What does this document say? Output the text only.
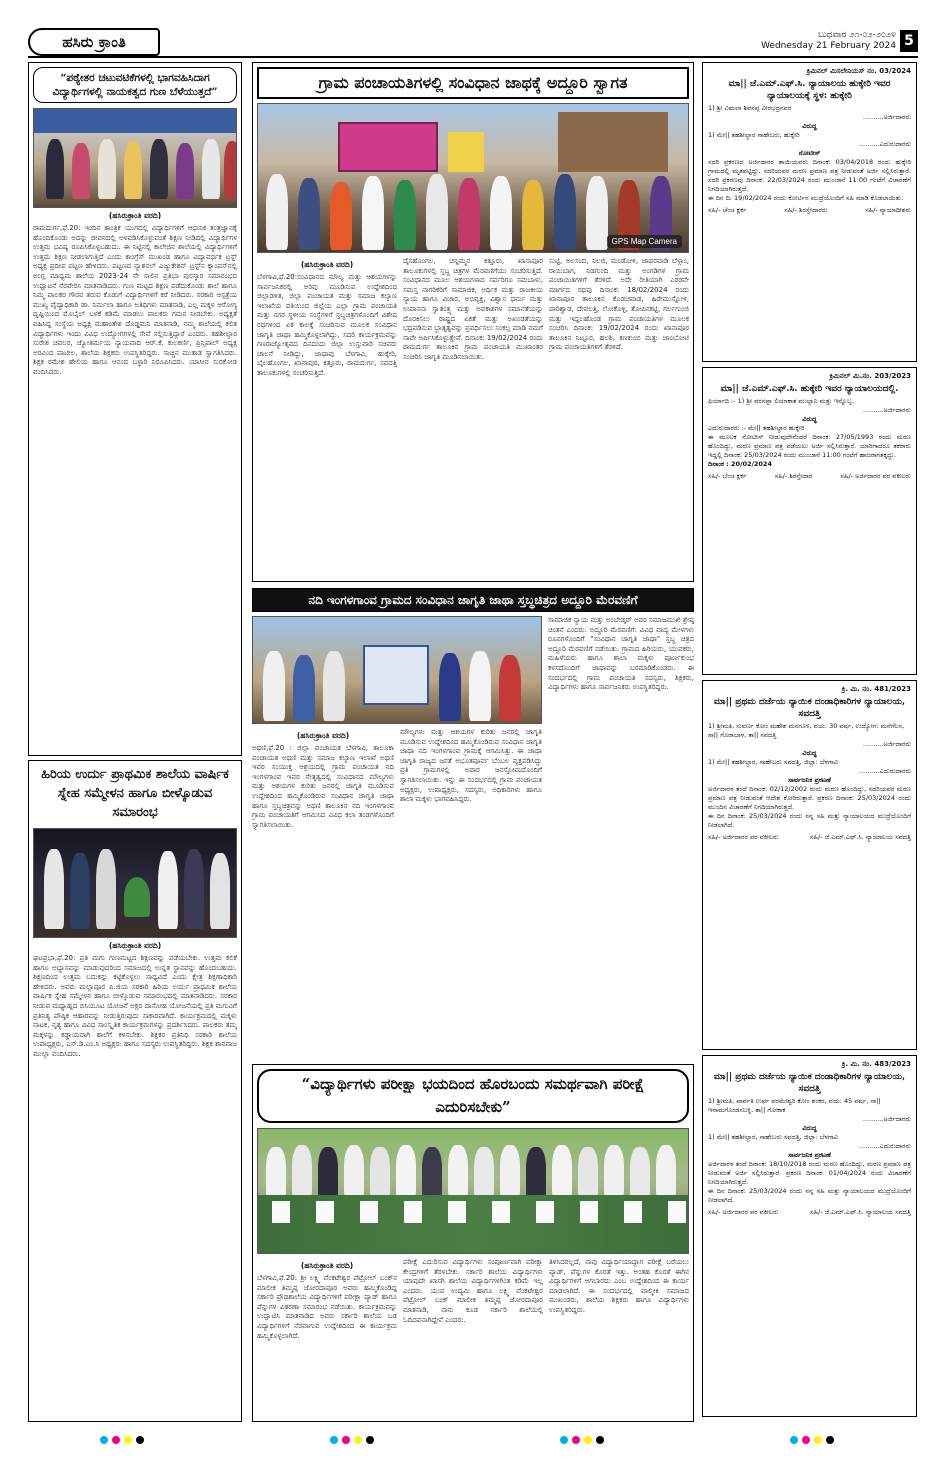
ಹಸಿರು ಕ್ರಾಂತಿ	ಬುಧವಾರ ೨೧-೦೨-೨೦೨೪
Wednesday 21 February 2024 5
“ಪಠ್ಯೇತರ ಚಟುವಟಿಕೆಗಳಲ್ಲಿ ಭಾಗವಹಿಸಿದಾಗ ವಿದ್ಯಾರ್ಥಿಗಳಲ್ಲಿ ನಾಯಕತ್ವದ ಗುಣ ಬೆಳೆಯುತ್ತದೆ”
(ಹಸಿರುಕ್ರಾಂತಿ ವರದಿ)
ರಾಮದುರ್ಗ,ಫೆ.20: ಇಂದಿನ ತಾಂತ್ರಿಕ ಯುಗದಲ್ಲಿ ವಿದ್ಯಾರ್ಥಿಗಳಿಗೆ ಆಧುನಿಕ ತಂತ್ರಜ್ಞಾನಕ್ಕೆ ಹೊಂದಿಕೊಂಡು ಅದನ್ನು ಜೀವನದಲ್ಲಿ ಅಳವಡಿಸಿಕೊಳ್ಳುವಂತೆ ಶಿಕ್ಷಣ ನೀಡಿದಲ್ಲಿ ವಿದ್ಯಾರ್ಥಿಗಳ ಉತ್ತಮ ಭವಿಷ್ಯ ರೂಪಿಸಿಕೊಳ್ಳಬಹುದು. ಈ ನಿಟ್ಟಿನಲ್ಲಿ ಕಾಲೇಜಿನ ಶಾಲೆಯಲ್ಲಿ ವಿದ್ಯಾರ್ಥಿಗಳಿಗೆ ಉತ್ತಮ ಶಿಕ್ಷಣ ನೀಡಲಾಗುತ್ತಿದೆ ಎಂದು ಕಾಂಗ್ರೆಸ್ ಮುಖಂಡ ಹಾಗೂ ವಿದ್ಯಾವರ್ಧಕ ಟ್ರಸ್ಟ್ ಅಧ್ಯಕ್ಷ ಪ್ರದೀಪ ಪಟ್ಟಣ ಹೇಳಿದರು. ಪಟ್ಟಣದ ನ್ಯಾಶನಲ್ ಎಜ್ಯುಕೇಶನ್ ಟ್ರಸ್ಟ್‌ನ ಕ್ಯಾಂಪಸ್‌ನಲ್ಲಿ ಅಂಗ್ಲ ಮಾಧ್ಯಮ ಶಾಲೆಯ 2023-24 ನೇ ಸಾಲಿನ ಪ್ರತಿಭಾ ಪುರಸ್ಕಾರ ಸಮಾರಂಭದ ಉದ್ಘಾಟನೆ ನೆರವೇರಿಸಿ ಮಾತನಾಡಿದರು. ಗುಣ ಮಟ್ಟದ ಶಿಕ್ಷಣ ಪಡೆದುಕೊಂಡು ಶಾಲೆ ಹಾಗೂ ನಿಮ್ಮ ಪಾಲಕರ ಗೌರವ ತರುವ ಕೊಡುಗೆ ವಿದ್ಯಾರ್ಥಿಗಳಿಗೆ ಕರೆ ನೀಡಿದರು. ಸರಕಾರಿ ಆಸ್ಪತ್ರೆಯ ಮುಖ್ಯ ವೈದ್ಯಾಧಿಕಾರಿ ಡಾ. ನಿರ್ಮಲಾ ಹಾಗೂ ಅತಿಥಿಗಳು ಮಾತನಾಡಿ, ಎಲ್ಲ ಮಕ್ಕಳ ಆರೋಗ್ಯ ದೃಷ್ಟಿಯಿಂದ ಮೊಬೈಲ್ ಬಳಕೆ ಕಡಿಮೆ ಮಾಡಲು ಪಾಲಕರು ಗಮನ ನೀಡಬೇಕು. ಅಧ್ಯಕ್ಷತೆ ವಹಿಸಿದ್ದ ಸಂಸ್ಥೆಯ ಅಧ್ಯಕ್ಷ ಮಹಾಂತೇಶ ದೊಡ್ಡಮನಿ ಮಾತನಾಡಿ, ನಮ್ಮ ಶಾಲೆಯಲ್ಲಿ ಕಲಿತ ವಿದ್ಯಾರ್ಥಿಗಳು ಇಂದು ವಿವಿಧ ಉದ್ಯೋಗಗಳಲ್ಲಿ ಸೇವೆ ಸಲ್ಲಿಸುತ್ತಿದ್ದಾರೆ ಎಂದರು. ತಹಶೀಲ್ದಾರ ಸುರೇಶ ಚವಲರ, ಜ್ಯೋತಿರ್ಮಯ ನ್ಯಾಯವಾದಿ ಆರ್.ಕೆ. ಕುಲಕರ್ಣಿ, ಪ್ರಿನ್ಸಿಪಾಲ್ ಅಧ್ಯಕ್ಷ ಅರವಿಂದ ಪಾಟೀಲ, ಶಾಲೆಯ ಶಿಕ್ಷಕರು ಉಪಸ್ಥಿತರಿದ್ದರು. ಸಾಚ್ಚಿನ ಮುತಾಡ ಸ್ವಾಗತಿಸಿದರು. ಶಿಕ್ಷಕ ರಮೇಶ ಹೇಲಿಯ ಹಾಗೂ ಆನಂದ ಬಳ್ಳಾರಿ ನಿರೂಪಿಸಿದರು. ಯಾಸೀನ ಸುರಕೋಡ ವಂದಿಸಿದರು.
ಹಿರಿಯ ಉರ್ದು ಪ್ರಾಥಮಿಕ ಶಾಲೆಯ ವಾರ್ಷಿಕ ಸ್ನೇಹ ಸಮ್ಮೇಳನ ಹಾಗೂ ಬೀಳ್ಕೊಡುವ ಸಮಾರಂಭ
(ಹಸಿರುಕ್ರಾಂತಿ ವರದಿ)
ಘಟಪ್ರಭಾ,ಫೆ.20: ಪ್ರತಿ ಮಗು ಗುಣಮಟ್ಟದ ಶಿಕ್ಷಣವನ್ನು ಪಡೆಯಬೇಕು. ಉತ್ತಮ ಕಲಿಕೆ ಹಾಗೂ ಅಭ್ಯಾಸವನ್ನು ಮಾಡುವುದರಿಂದ ಸಮಾಜದಲ್ಲಿ ಉನ್ನತ ಸ್ಥಾನವನ್ನು ಹೊಂದಬಹುದು. ಶಿಕ್ಷಣದಿಂದ ಉತ್ತಮ ಬದುಕನ್ನು ಕಟ್ಟಿಕೊಳ್ಳಲು ಸಾಧ್ಯವಿದೆ ಎಂದು ಕ್ಷೇತ್ರ ಶಿಕ್ಷಣಾಧಿಕಾರಿ ಹೇಳಿದರು. ಅವರು ಮಲ್ಲಾಪೂರ ಪಿ.ಜಿಯ ಸರಕಾರಿ ಹಿರಿಯ ಉರ್ದು ಪ್ರಾಥಮಿಕ ಶಾಲೆಯ ವಾರ್ಷಿಕ ಸ್ನೇಹ ಸಮ್ಮೇಳನ ಹಾಗೂ ಬೀಳ್ಕೊಡುವ ಸಮಾರಂಭದಲ್ಲಿ ಮಾತನಾಡಿದರು. ಸರಕಾರ ನೀಡುವ ಮಧ್ಯಾಹ್ನದ ಬಿಸಿಯೂಟ ಯೋಜನೆ ಅಕ್ಷರ ದಾಸೋಹ ಯೋಜನೆಯಲ್ಲಿ ಪ್ರತಿ ಮಗುವಿಗೆ ಪ್ರತಿನಿತ್ಯ ಪೌಷ್ಠಿಕ ಆಹಾರವನ್ನು ನೀಡುತ್ತಿರುವುದು ಸಾಕಾರವಾಗಿದೆ. ಕಾರ್ಯಕ್ರಮದಲ್ಲಿ ಮಕ್ಕಳು ನಾಟಕ, ನೃತ್ಯ ಹಾಗೂ ವಿವಿಧ ಸಾಂಸ್ಕೃತಿಕ ಕಾರ್ಯಕ್ರಮಗಳನ್ನು ಪ್ರದರ್ಶಿಸಿದರು. ಪಾಲಕರು ತಮ್ಮ ಮಕ್ಕಳನ್ನು ಕಡ್ಡಾಯವಾಗಿ ಶಾಲೆಗೆ ಕಳಿಸಬೇಕು. ಶಿಕ್ಷಕರ ಪ್ರತಿನಿಧಿ ಸರಕಾರಿ ಶಾಲೆಯ ಉಪಾಧ್ಯಕ್ಷರು, ಎಸ್.ಡಿ.ಎಂ.ಸಿ ಅಧ್ಯಕ್ಷರು ಹಾಗೂ ಸದಸ್ಯರು ಉಪಸ್ಥಿತರಿದ್ದರು. ಶಿಕ್ಷಕ ಶಾನವಾಜ ಮುಲ್ಲಾ ವಂದಿಸಿದರು.
ಗ್ರಾಮ ಪಂಚಾಯತಿಗಳಲ್ಲಿ ಸಂವಿಧಾನ ಜಾಥಕ್ಕೆ ಅದ್ದೂರಿ ಸ್ವಾಗತ
GPS Map Camera
(ಹಸಿರುಕ್ರಾಂತಿ ವರದಿ)
ಬೆಳಗಾವಿ,ಫೆ.20:ಸಂವಿಧಾನದ ಮೌಲ್ಯ ಮತ್ತು ಆಶಯಗಳನ್ನು ಸಾರ್ವಜನಿಕರಲ್ಲಿ ಅರಿವು ಮೂಡಿಸುವ ಉದ್ದೇಶದಿಂದ ಜಿಲ್ಲಾಡಳಿತ, ಜಿಲ್ಲಾ ಪಂಚಾಯತ ಮತ್ತು ಸಮಾಜ ಕಲ್ಯಾಣ ಇಲಾಖೆಯ ವತಿಯಿಂದ ಜಿಲ್ಲೆಯ ಎಲ್ಲಾ ಗ್ರಾಮ ಪಂಚಾಯತಿ ಮತ್ತು ನಗರ ಸ್ಥಳೀಯ ಸಂಸ್ಥೆಗಳಿಗೆ ಸ್ತಬ್ಧಚಿತ್ರಗಳೊಂದಿಗೆ ವಿಶೇಷ ರಥಗಳಿಂದ ಏಕ ಕಾಲಕ್ಕೆ ಸಂಚರಿಸುವ ಮೂಲಕ ಸಂವಿಧಾನ ಜಾಗೃತಿ ಜಾಥಾ ಹಮ್ಮಿಕೊಳ್ಳಲಾಗಿದ್ದು, ಸದರಿ ಕಾರ್ಯಕ್ರಮವನ್ನು ಗಣರಾಜ್ಯೋತ್ಸವದ ದಿನದಂದು ಜಿಲ್ಲಾ ಉಸ್ತುವಾರಿ ಸಚಿವರು ಚಾಲನೆ ನೀಡಿದ್ದು, ಜಾಥಾವು ಬೆಳಗಾವಿ, ಹುಕ್ಕೇರಿ, ಬೈಲಹೊಂಗಲ, ಖಾನಾಪುರ, ಕಿತ್ತೂರು, ರಾಮದುರ್ಗ, ಸವದತ್ತಿ ತಾಲೂಕುಗಳಲ್ಲಿ ಸಂಚರಿಸುತ್ತಿದೆ.
ದೈಸಹೊಂಗಲ, ಚನ್ನಮ್ಮನ ಕಿತ್ತೂರು, ಖಾನಾಪೂರ ತಾಲೂಕುಗಳಲ್ಲಿ ಸ್ತಬ್ಧ ಚಿತ್ರಗಳ ಮೆರವಣಿಗೆಯು ಸಂಚರಿಸುತ್ತಿದೆ. ಸಂವಿಧಾನದ ಮೂಲ ಆಶಯಗಳಾದ ಸರ್ವರಿಗೂ ಸಮಬಾಳು, ಸಮಸ್ತ ನಾಗರಿಕರಿಗೆ ಸಾಮಾಜಿಕ, ಆರ್ಥಿಕ ಮತ್ತು ರಾಜಕೀಯ ನ್ಯಾಯ ಹಾಗೂ ವಿಚಾರ, ಅಭಿವ್ಯಕ್ತಿ, ವಿಶ್ವಾಸ ಧರ್ಮ ಮತ್ತು ಉಪಾಸನಾ ಸ್ವಾತಂತ್ರ್ಯ ಮತ್ತು ಅವಕಾಶಗಳ ಸಮಾನತೆಯನ್ನು ದೊರಕಿಸಲು ರಾಷ್ಟ್ರದ ಏಕತೆ ಮತ್ತು ಅಖಂಡತೆಯನ್ನು ಭದ್ರಪಡಿಸುವ ಭ್ರಾತೃತ್ವವನ್ನು ಪ್ರವರ್ಧಿಸಲು ಸಂಕಲ್ಪ ಮಾಡಿ ನಮಗೆ ನಾವೇ ಅರ್ಪಿಸಿಕೊಳ್ಳುತ್ತೇವೆ. ದಿನಾಂಕ: 19/02/2024 ರಂದು ರಾಮದುರ್ಗ ತಾಲೂಕಿನ ಗ್ರಾಮ ಪಂಚಾಯತಿ ಮುಖಾಂತರ ಸಂಚರಿಸಿ ಜಾಗೃತಿ ಮೂಡಿಸಲಾಯಿತು.
ಸುಟ್ಟಿ, ಅಲಸಂದಿ, ನಿಲಜಿ, ಮಂಡೋಳಿ, ಜಾಫರವಾಡಿ ಬೆಳ್ಗಾಂ, ರಾಯಿಬಾಗ, ನಿಡಗುಂದಿ ಮತ್ತು ಅಂಗಡಿಗಳ ಗ್ರಾಮ ಪಂಚಾಯಿತಿಗಳಿಗೆ ತೆರಳಿದೆ. ಅದೇ ರೀತಿಯಾಗಿ ಎರಡನೇ ಮಾರ್ಗದ ರಥವು ದಿನಾಂಕ: 18/02/2024 ರಂದು ಖಾನಾಪೂರ ತಾಲೂಕಿನ ಕೊಡಚವಾಡ, ಹಿರೇಮುನ್ನೋಳಿ, ಪಾರಿಶ್ವಾಡ, ದೇವಲತ್ತಿ, ಲೋಕೊಳ್ಳಿ, ತೋಪಿನಕಟ್ಟಿ, ಗರ್ಲಗುಂಜಿ ಮತ್ತು ಇದ್ದಲಹೊಂಡ ಗ್ರಾಮ ಪಂಚಾಯತಿಗಳ ಮೂಲಕ ಸಂಚರಿಸಿ ದಿನಾಂಕ: 19/02/2024 ರಂದು ಖಾನಾಪೂರ ತಾಲೂಕಿನ ನಿಟ್ಟೂರ, ಹಲಶಿ, ಕಣಕುಂಬಿ ಮತ್ತು ಜಾಂಬೋಟಿ ಗ್ರಾಮ ಪಂಚಾಯತಿಗಳಿಗೆ ತೆರಳಿದೆ.
ನದಿ ಇಂಗಳಗಾಂವ ಗ್ರಾಮದ ಸಂವಿಧಾನ ಜಾಗೃತಿ ಜಾಥಾ ಸ್ತಬ್ಧಚಿತ್ರದ ಅದ್ದೂರಿ ಮೆರವಣಿಗೆ
(ಹಸಿರುಕ್ರಾಂತಿ ವರದಿ)
ಅಥಣಿ,ಫೆ.20 : ಜಿಲ್ಲಾ ಪಂಚಾಯತ ಬೆಳಗಾವಿ, ತಾಲೂಕಾ ಪಂಚಾಯತ ಅಥಣಿ ಮತ್ತು ಸಮಾಜ ಕಲ್ಯಾಣ ಇಲಾಖೆ ಅಥಣಿ ಇವರ ಸಂಯುಕ್ತ ಆಶ್ರಯದಲ್ಲಿ ಗ್ರಾಮ ಪಂಚಾಯತ ನದಿ ಇಂಗಳಗಾಂವ ಇವರ ನೇತೃತ್ವದಲ್ಲಿ ಸಂವಿಧಾನದ ಮೌಲ್ಯಗಳು ಮತ್ತು ಆಶಯಗಳ ಕುರಿತು ಜನರಲ್ಲಿ ಜಾಗೃತಿ ಮೂಡಿಸುವ ಉದ್ದೇಶದಿಂದ ಹಮ್ಮಿಕೊಂಡಿರುವ ಸಂವಿಧಾನ ಜಾಗೃತಿ ಜಾಥಾ ಹಾಗೂ ಸ್ತಬ್ಧಚಿತ್ರವನ್ನು ಅಥಣಿ ತಾಲೂಕಿನ ನದಿ ಇಂಗಳಗಾಂವ ಗ್ರಾಮ ಪಂಚಾಯತಿಗೆ ಆಗಮಿಸಿದ ವಿವಿಧ ಕಲಾ ತಂಡಗಳೊಂದಿಗೆ ಸ್ವಾಗತಿಸಲಾಯಿತು.
ಮೌಲ್ಯಗಳು ಮತ್ತು ಆಶಯಗಳ ಕುರಿತು ಜನರಲ್ಲಿ ಜಾಗೃತಿ ಮೂಡಿಸುವ ಉದ್ದೇಶದಿಂದ ಹಮ್ಮಿಕೊಂಡಿರುವ ಸಂವಿಧಾನ ಜಾಗೃತಿ ಜಾಥಾ ನದಿ ಇಂಗಳಗಾಂವ ಗ್ರಾಮಕ್ಕೆ ಆಗಮಿಸಿತ್ತು. ಈ ಜಾಥಾ ಜಾಗೃತಿ ರಾಜ್ಯದ ಜನತೆ ಅಭೂತಪೂರ್ವ ಬೆಂಬಲ ವ್ಯಕ್ತಪಡಿಸಿದ್ದು ಪ್ರತಿ ಗ್ರಾಮಗಳಲ್ಲಿ ಅಪಾರ ಜನಸ್ತೋಮದೊಂದಿಗೆ ಸ್ವಾಗತಿಸಲಾಯಿತು. ಇನ್ನು ಈ ಸಂದರ್ಭದಲ್ಲಿ ಗ್ರಾಮ ಪಂಚಾಯತ ಅಧ್ಯಕ್ಷರು, ಉಪಾಧ್ಯಕ್ಷರು, ಸದಸ್ಯರು, ಅಧಿಕಾರಿಗಳು ಹಾಗೂ ಶಾಲಾ ಮಕ್ಕಳು ಭಾಗವಹಿಸಿದ್ದರು.
ಸಾಮಾಜಿಕ ನ್ಯಾಯ ಮತ್ತು ಅಂಬೇಡ್ಕರ್ ಅವರ ಸಮಾಜಮುಖಿ ಶ್ರೇಷ್ಠ ಚಿಂತನೆ ಎಂದರು. ಅದ್ದೂರಿ ಮೆರವಣಿಗೆ: ವಿವಿಧ ವಾದ್ಯ ಮೇಳಗಳು ರೂಪಗಳೊಂದಿಗೆ "ಸಂವಿಧಾನ ಜಾಗೃತಿ ಜಾಥಾ" ಸ್ತಬ್ಧ ಚಿತ್ರದ ಅದ್ದೂರಿ ಮೆರವಣಿಗೆ ನಡೆಯಿತು. ಗ್ರಾಮದ ಹಿರಿಯರು, ಯುವಕರು, ಮಹಿಳೆಯರು ಹಾಗೂ ಶಾಲಾ ಮಕ್ಕಳು ಪೂರ್ಣಕುಂಭ ಕಳಸದೊಂದಿಗೆ ಜಾಥಾವನ್ನು ಬರಮಾಡಿಕೊಂಡರು. ಈ ಸಂದರ್ಭದಲ್ಲಿ ಗ್ರಾಮ ಪಂಚಾಯತಿ ಸದಸ್ಯರು, ಶಿಕ್ಷಕರು, ವಿದ್ಯಾರ್ಥಿಗಳು ಹಾಗೂ ಸಾರ್ವಜನಿಕರು ಉಪಸ್ಥಿತರಿದ್ದರು.
“ವಿದ್ಯಾರ್ಥಿಗಳು ಪರೀಕ್ಷಾ ಭಯದಿಂದ ಹೊರಬಂದು ಸಮರ್ಥವಾಗಿ ಪರೀಕ್ಷೆ ಎದುರಿಸಬೇಕು”
(ಹಸಿರುಕ್ರಾಂತಿ ವರದಿ)
ಬೆಳಗಾವಿ,ಫೆ.20: ಶ್ರೀ ಲಕ್ಷ್ಮಿ ವೆಂಕಟೇಶ್ವರ ಪೆಟ್ರೋಲ್ ಬಂಕ್‌ನ ಮಾಲೀಕ ತಿಮ್ಮಪ್ಪ ಜೋರದಾಪೂರ ಅವರು ಹಮ್ಮಿಕೊಂಡಿದ್ದ ಸರ್ಕಾರಿ ಪ್ರೌಢಶಾಲೆಯ ವಿದ್ಯಾರ್ಥಿಗಳಿಗೆ ಪರೀಕ್ಷಾ ಪ್ಯಾಡ್ ಹಾಗೂ ಪೆನ್ನುಗಳ ವಿತರಣಾ ಸಮಾರಂಭ ನಡೆಯಿತು. ಕಾರ್ಯಕ್ರಮವನ್ನು ಉದ್ಘಾಟಿಸಿ ಮಾತನಾಡಿದ ಅವರು ಸರ್ಕಾರಿ ಶಾಲೆಯ ಬಡ ವಿದ್ಯಾರ್ಥಿಗಳಿಗೆ ನೆರವಾಗುವ ಉದ್ದೇಶದಿಂದ ಈ ಕಾರ್ಯಕ್ರಮ ಹಮ್ಮಿಕೊಳ್ಳಲಾಗಿದೆ.
ಪರೀಕ್ಷೆ ಎದುರಿಸುವ ವಿದ್ಯಾರ್ಥಿಗಳು ಸಂಪೂರ್ಣವಾಗಿ ಪರೀಕ್ಷಾ ಕೇಂದ್ರಗಳಿಗೆ ತೆರಳಬೇಕು. ಸರ್ಕಾರಿ ಶಾಲೆಯ ವಿದ್ಯಾರ್ಥಿಗಳು ಯಾವುದೇ ಖಾಸಗಿ ಶಾಲೆಯ ವಿದ್ಯಾರ್ಥಿಗಳಿಗಿಂತ ಕಡಿಮೆ ಇಲ್ಲ ಎಂದರು. ಯುವ ಉದ್ಯಮಿ ಹಾಗೂ ಲಕ್ಷ್ಮಿ ವೆಂಕಟೇಶ್ವರ ಪೆಟ್ರೋಲ್ ಬಂಕ್ ಮಾಲೀಕ ತಿಮ್ಮಪ್ಪ ಜೋರದಾಪೂರ ಮಾತನಾಡಿ, ನಾನು ಕೂಡ ಸರ್ಕಾರಿ ಶಾಲೆಯಲ್ಲಿ ಓದಿದವನಾಗಿದ್ದೇನೆ ಎಂದರು.
ತಿಳಿಸಿದರಲ್ಲದೆ, ನಾವು ವಿದ್ಯಾರ್ಥಿಯಾದ್ದಾಗ ಪರೀಕ್ಷೆ ಬರೆಯಲು ಪ್ಯಾಡ್, ಪೆನ್ನುಗಳ ಕೊರತೆ ಇತ್ತು. ಅಂತಹ ಕೊರತೆ ಈಗಿನ ವಿದ್ಯಾರ್ಥಿಗಳಿಗೆ ಆಗಬಾರದು ಎಂಬ ಉದ್ದೇಶದಿಂದ ಈ ಕಾರ್ಯ ಮಾಡಲಾಗಿದೆ. ಈ ಸಂದರ್ಭದಲ್ಲಿ ವಾಲ್ಮೀಕಿ ಸಮಾಜದ ಮುಖಂಡರು, ಶಾಲೆಯ ಶಿಕ್ಷಕರು ಹಾಗೂ ವಿದ್ಯಾರ್ಥಿಗಳು ಉಪಸ್ಥಿತರಿದ್ದರು.
ಕ್ರಿಮಿನಲ್ ಮಿಸಲೇನಿಯಸ್ ನಂ. 03/2024
ಮಾ|| ಜೆ.ಎಮ್.ಎಫ್.ಸಿ. ನ್ಯಾಯಾಲಯ ಹುಕ್ಕೇರಿ ಇವರ ನ್ಯಾಯಾಲಯಕ್ಕೆ ಸ್ಥಳ: ಹುಕ್ಕೇರಿ
1) ಶ್ರೀ ವಿಮಲಾ ಶಿವನಪ್ಪ ವೀರಭದ್ರನವರ
..........ಅರ್ಜಿದಾರರು
ವಿರುದ್ಧ
1) ಮೇ|| ತಹಶೀಲ್ದಾರ ಸಾಹೇಬರು, ಹುಕ್ಕೇರಿ
..........ಎದುರುದಾರರು
ನೋಟೀಸ್
ಸದರಿ ಪ್ರಕರಣದ ಅರ್ಜಿದಾರರ ತಾಯಿಯವರು ದಿನಾಂಕ: 03/04/2018 ರಂದು ಹುಕ್ಕೇರಿ ಗ್ರಾಮದಲ್ಲಿ ಮೃತಪಟ್ಟಿದ್ದು, ಸದರಿಯವರ ಮರಣ ಪ್ರಮಾಣ ಪತ್ರ ನೀಡುವಂತೆ ಅರ್ಜಿ ಸಲ್ಲಿಸಿರುತ್ತಾರೆ. ಸದರಿ ಪ್ರಕರಣವು ದಿನಾಂಕ: 22/03/2024 ರಂದು ಮುಂಜಾನೆ 11:00 ಗಂಟೆಗೆ ವಿಚಾರಣೆಗೆ ನಿಗದಿಯಾಗಿರುತ್ತದೆ.
ಈ ದಿನ ದಿ: 19/02/2024 ರಂದು ಕೋರ್ಟಿನ ಮುದ್ರೆಯೊಂದಿಗೆ ಸಹಿ ಮಾಡಿ ಕೊಡಲಾಯಿತು.
ಸಹಿ/- ಚೆಂಚ ಕ್ಲರ್ಕ	ಸಹಿ/- ಶಿರಸ್ತೇದಾರರು	ಸಹಿ/- ನ್ಯಾಯಾಧೀಶರು
ಕ್ರಿಮಿನಲ್ ಮಿ.ನಂ. 203/2023
ಮಾ|| ಜೆ.ಎಮ್.ಎಫ್.ಸಿ. ಹುಕ್ಕೇರಿ ಇವರ ನ್ಯಾಯಾಲಯದಲ್ಲಿ.
ಫಿರ್ಯಾದಿ :- 1) ಶ್ರೀ ಪರಸಪ್ಪಾ ಲಿಯಾಕಾತ ಮುಲ್ಲಾನಿ ಮತ್ತು ಇನ್ನೊಬ್ಬ.
..........ಅರ್ಜಿದಾರರು
ವಿರುದ್ಧ
ಎದುರುದಾರರು :- ಮೇ|| ತಹಶೀಲ್ದಾರ ಹುಕ್ಕೇರಿ
ಈ ಮೂಲಕ ನೋಟೀಸ್ ನೀಡುವುದೇನೆಂದರೆ ದಿನಾಂಕ: 27/05/1993 ರಂದು ಮರಣ ಹೊಂದಿದ್ದು, ಮರಣ ಪ್ರಮಾಣ ಪತ್ರ ಪಡೆಯಲು ಅರ್ಜಿ ಸಲ್ಲಿಸಿರುತ್ತಾರೆ. ಯಾರಿಗಾದರೂ ತಕರಾರು ಇದ್ದಲ್ಲಿ ದಿನಾಂಕ: 25/03/2024 ರಂದು ಮುಂಜಾನೆ 11:00 ಗಂಟೆಗೆ ಹಾಜರಾಗತಕ್ಕದ್ದು.
ದಿನಾಂಕ : 20/02/2024
ಸಹಿ/- ಬೆಂಚ ಕ್ಲರ್ಕ	ಸಹಿ/- ಶಿರಸ್ತೇದಾರ	ಸಹಿ/- ಅರ್ಜಿದಾರರ ಪರ ವಕೀಲರು
ಕ್ರಿ. ಮಿ. ನಂ. 481/2023
ಮಾ|| ಪ್ರಥಮ ದರ್ಜೆಯ ನ್ಯಾಯಿಕ ದಂಡಾಧಿಕಾರಿಗಳ ನ್ಯಾಯಾಲಯ, ಸವದತ್ತಿ
1) ಶ್ರೀಮತಿ, ಸುವರ್ಣ ಕೋಂ ಮಹೇಶ ಮನಗೂಳಿ, ವಯ: 30 ವರ್ಷ, ಉದ್ಯೋಗ: ಮನೆಗೆಲಸ, ಸಾ|| ಗೊರಾಬಾಳ, ತಾ|| ಸವದತ್ತಿ
..........ಅರ್ಜಿದಾರರು
ವಿರುದ್ಧ
1) ಮೇ|| ತಹಶೀಲ್ದಾರ, ಸಾಹೇಬರು ಸವದತ್ತಿ, ಜಿಲ್ಲಾ: ಬೆಳಗಾವಿ
..........ಎದುರುದಾರರು
ಸಾರ್ವಜನಿಕ ಪ್ರಕಟಣೆ
ಅರ್ಜಿದಾರಳ ತಂದೆ ದಿನಾಂಕ: 02/12/2002 ರಂದು ಮರಣ ಹೊಂದಿದ್ದು, ಸದರಿಯವರ ಮರಣ ಪ್ರಮಾಣ ಪತ್ರ ನೀಡುವಂತೆ ಆದೇಶ ಕೋರಿರುತ್ತಾರೆ. ಪ್ರಕರಣ ದಿನಾಂಕ: 25/03/2024 ರಂದು ಮುಂದಿನ ವಿಚಾರಣೆಗೆ ನಿಗದಿಯಾಗಿರುತ್ತದೆ.
ಈ ದಿನ ದಿನಾಂಕ: 25/03/2024 ರಂದು ನನ್ನ ಸಹಿ ಮತ್ತು ನ್ಯಾಯಾಲಯದ ಮುದ್ರೆಯೊಂದಿಗೆ ನೀಡಲಾಗಿದೆ.
ಸಹಿ/- ಅರ್ಜಿದಾರರ ಪರ ವಕೀಲರು	ಸಹಿ/- ಜೆ.ಎಮ್.ಎಫ್.ಸಿ. ನ್ಯಾಯಾಲಯ ಸವದತ್ತಿ
ಕ್ರಿ. ಮಿ. ನಂ. 483/2023
ಮಾ|| ಪ್ರಥಮ ದರ್ಜೆಯ ನ್ಯಾಯಿಕ ದಂಡಾಧಿಕಾರಿಗಳ ನ್ಯಾಯಾಲಯ, ಸವದತ್ತಿ
1) ಶ್ರೀಮತಿ, ಪಾರ್ವತಿ ಉರ್ಫ ಪರಮೇಶ್ವರಿ ಕೋಂ ಶಂಕರ, ವಯ: 45 ವರ್ಷ, ಸಾ|| ಇನಾಮಗೊಂಡಸಬಳ್ಳಿ, ತಾ|| ಗೋಕಾಕ
..........ಅರ್ಜಿದಾರರು
ವಿರುದ್ಧ
1) ಮೇ|| ತಹಶೀಲ್ದಾರ, ಸಾಹೇಬರು ಸವದತ್ತಿ, ಜಿಲ್ಲಾ: ಬೆಳಗಾವಿ
..........ಎದುರುದಾರರು
ಸಾರ್ವಜನಿಕ ಪ್ರಕಟಣೆ
ಅರ್ಜಿದಾರಳ ತಂದೆ ದಿನಾಂಕ: 18/10/2018 ರಂದು ಮರಣ ಹೊಂದಿದ್ದು, ಮರಣ ಪ್ರಮಾಣ ಪತ್ರ ನೀಡುವಂತೆ ಅರ್ಜಿ ಸಲ್ಲಿಸಿರುತ್ತಾರೆ. ಪ್ರಕರಣ ದಿನಾಂಕ: 01/04/2024 ರಂದು ವಿಚಾರಣೆಗೆ ನಿಗದಿಯಾಗಿರುತ್ತದೆ.
ಈ ದಿನ ದಿನಾಂಕ: 25/03/2024 ರಂದು ನನ್ನ ಸಹಿ ಮತ್ತು ನ್ಯಾಯಾಲಯದ ಮುದ್ರೆಯೊಂದಿಗೆ ನೀಡಲಾಗಿದೆ.
ಸಹಿ/- ಅರ್ಜಿದಾರರ ಪರ ವಕೀಲರು	ಸಹಿ/- ಜೆ.ಎಮ್.ಎಫ್.ಸಿ. ನ್ಯಾಯಾಲಯ ಸವದತ್ತಿ
